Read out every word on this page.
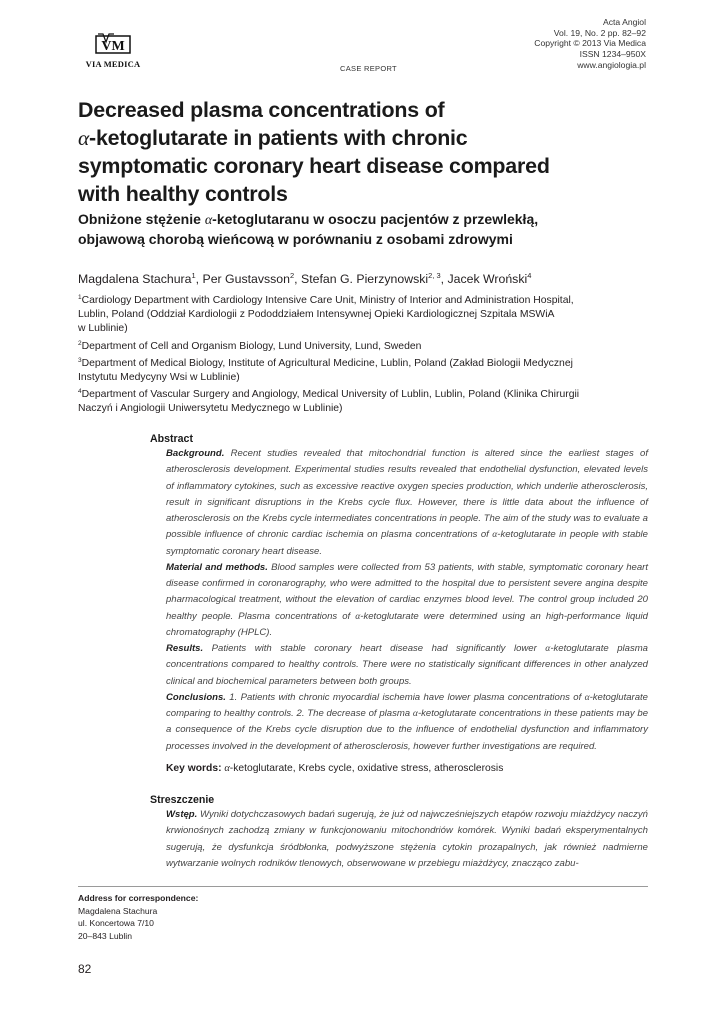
VM
VIA MEDICA	CASE REPORT
Acta Angiol
Vol. 19, No. 2 pp. 82–92
Copyright © 2013 Via Medica
ISSN 1234–950X
www.angiologia.pl
Decreased plasma concentrations of
α-ketoglutarate in patients with chronic
symptomatic coronary heart disease compared
with healthy controls
Obniżone stężenie α-ketoglutaranu w osoczu pacjentów z przewlekłą,
objawową chorobą wieńcową w porównaniu z osobami zdrowymi
Magdalena Stachura$^1$, Per Gustavsson$^2$, Stefan G. Pierzynowski$^{2, 3}$, Jacek Wroński$^4$
$^1$Cardiology Department with Cardiology Intensive Care Unit, Ministry of Interior and Administration Hospital,
Lublin, Poland (Oddział Kardiologii z Pododdziałem Intensywnej Opieki Kardiologicznej Szpitala MSWiA
w Lublinie)
$^2$Department of Cell and Organism Biology, Lund University, Lund, Sweden
$^3$Department of Medical Biology, Institute of Agricultural Medicine, Lublin, Poland (Zakład Biologii Medycznej
Instytutu Medycyny Wsi w Lublinie)
$^4$Department of Vascular Surgery and Angiology, Medical University of Lublin, Lublin, Poland (Klinika Chirurgii
Naczyń i Angiologii Uniwersytetu Medycznego w Lublinie)
Abstract

Background. Recent studies revealed that mitochondrial function is altered since the earliest stages of atherosclerosis development. Experimental studies results revealed that endothelial dysfunction, elevated levels of inflammatory cytokines, such as excessive reactive oxygen species production, which underlie atherosclerosis, result in significant disruptions in the Krebs cycle flux. However, there is little data about the influence of atherosclerosis on the Krebs cycle intermediates concentrations in people. The aim of the study was to evaluate a possible influence of chronic cardiac ischemia on plasma concentrations of α-ketoglutarate in people with stable symptomatic coronary heart disease.

Material and methods. Blood samples were collected from 53 patients, with stable, symptomatic coronary heart disease confirmed in coronarography, who were admitted to the hospital due to persistent severe angina despite pharmacological treatment, without the elevation of cardiac enzymes blood level. The control group included 20 healthy people. Plasma concentrations of α-ketoglutarate were determined using an high-performance liquid chromatography (HPLC).

Results. Patients with stable coronary heart disease had significantly lower α-ketoglutarate plasma concentrations compared to healthy controls. There were no statistically significant differences in other analyzed clinical and biochemical parameters between both groups.

Conclusions. 1. Patients with chronic myocardial ischemia have lower plasma concentrations of α-ketoglutarate comparing to healthy controls. 2. The decrease of plasma α-ketoglutarate concentrations in these patients may be a consequence of the Krebs cycle disruption due to the influence of endothelial dysfunction and inflammatory processes involved in the development of atherosclerosis, however further investigations are required.

Key words: α-ketoglutarate, Krebs cycle, oxidative stress, atherosclerosis
Streszczenie

Wstęp. Wyniki dotychczasowych badań sugerują, że już od najwcześniejszych etapów rozwoju miażdżycy naczyń krwionośnych zachodzą zmiany w funkcjonowaniu mitochondriów komórek. Wyniki badań eksperymentalnych sugerują, że dysfunkcja śródbłonka, podwyższone stężenia cytokin prozapalnych, jak również nadmierne wytwarzanie wolnych rodników tlenowych, obserwowane w przebiegu miażdżycy, znacząco zabu-

Address for correspondence:
Magdalena Stachura
ul. Koncertowa 7/10
20–843 Lublin
82
